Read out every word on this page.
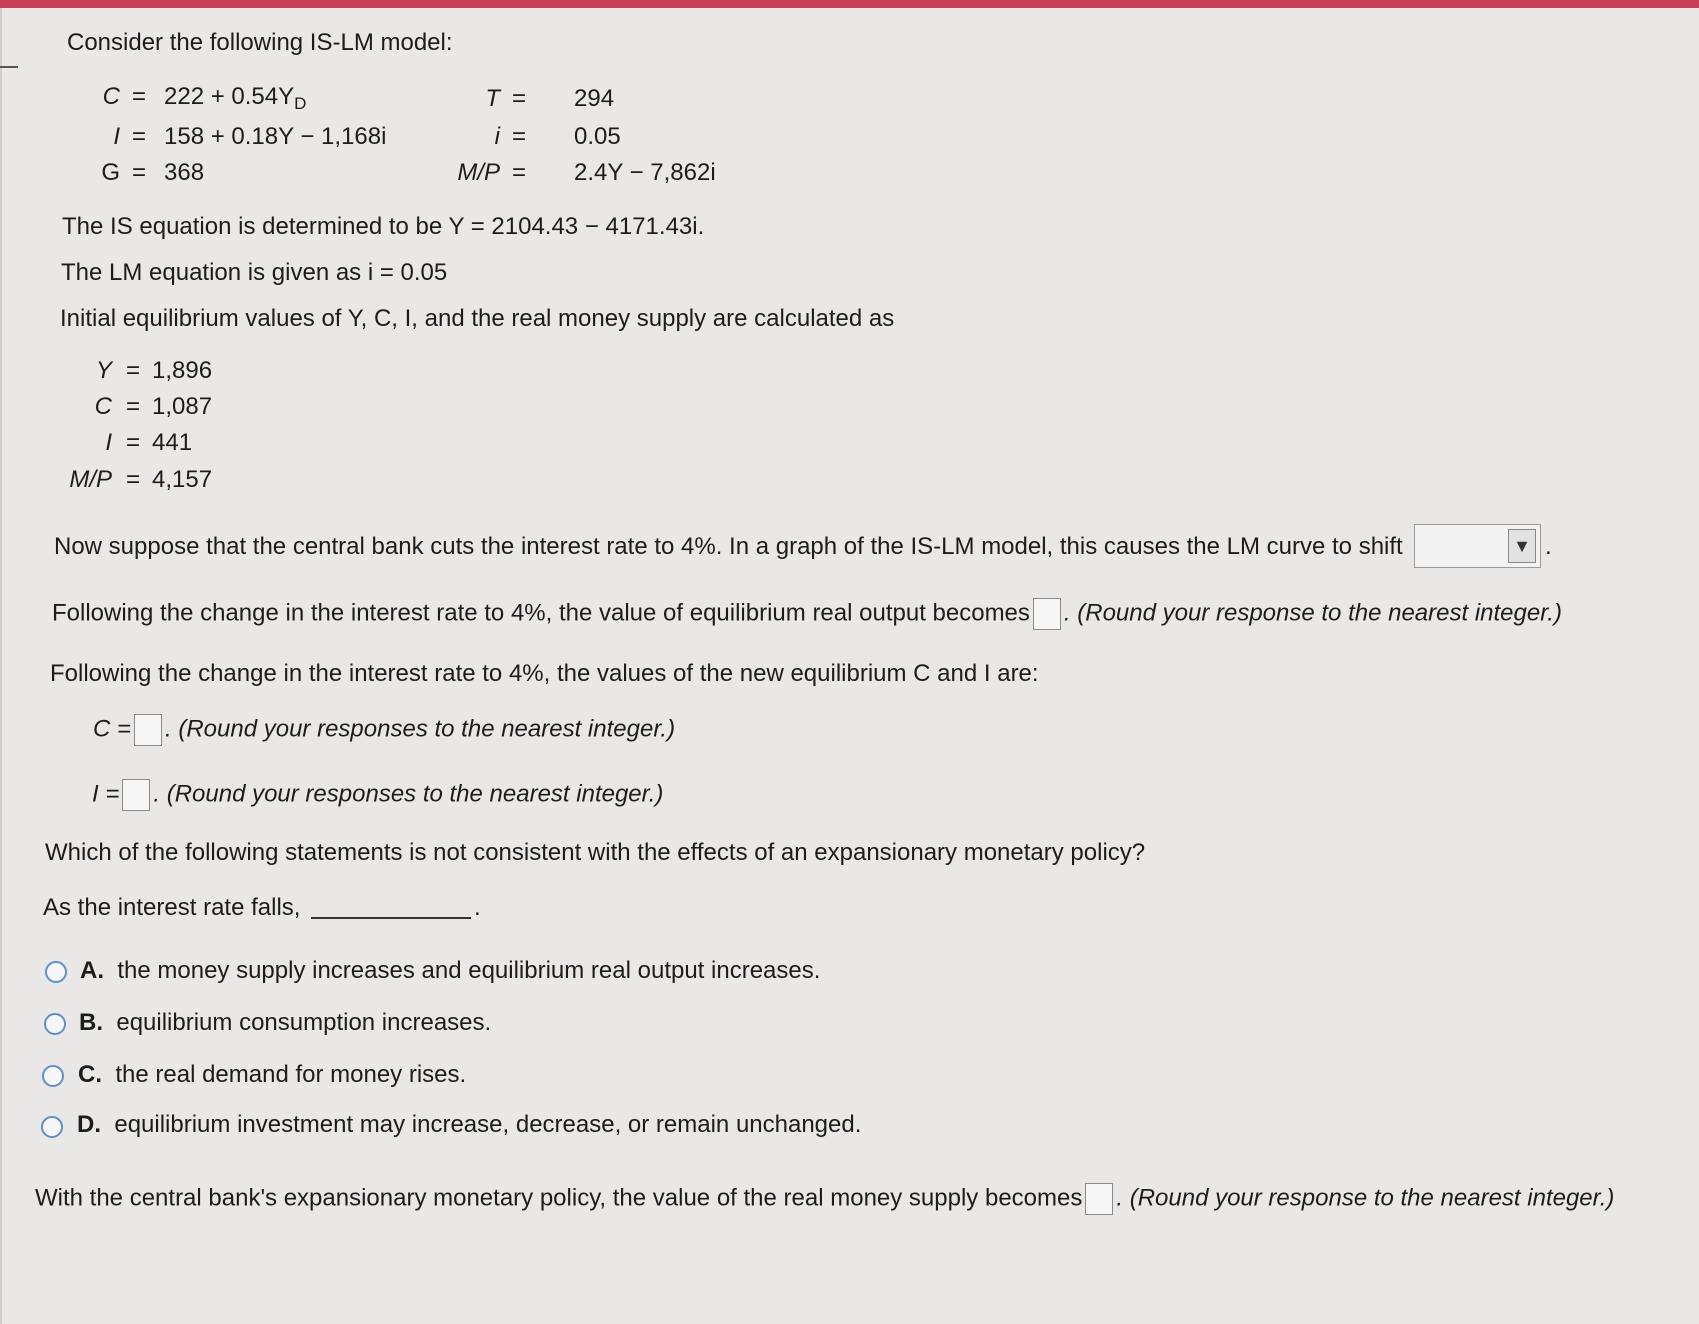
Consider the following IS-LM model:
$C = 222 + 0.54Y_D$
I = 158 + 0.18Y − 1,168i
G = 368
T = 294
i = 0.05
M/P = 2.4Y − 7,862i
The IS equation is determined to be Y = 2104.43 − 4171.43i.
The LM equation is given as i = 0.05
Initial equilibrium values of Y, C, I, and the real money supply are calculated as
Y = 1,896
C = 1,087
I = 441
M/P = 4,157
Now suppose that the central bank cuts the interest rate to 4%. In a graph of the IS-LM model, this causes the LM curve to shift	▼ .
Following the change in the interest rate to 4%, the value of equilibrium real output becomes . (Round your response to the nearest integer.)
Following the change in the interest rate to 4%, the values of the new equilibrium C and I are:
C = . (Round your responses to the nearest integer.)
I = . (Round your responses to the nearest integer.)
Which of the following statements is not consistent with the effects of an expansionary monetary policy?
As the interest rate falls,	.
A. the money supply increases and equilibrium real output increases.
B. equilibrium consumption increases.
C. the real demand for money rises.
D. equilibrium investment may increase, decrease, or remain unchanged.
With the central bank's expansionary monetary policy, the value of the real money supply becomes . (Round your response to the nearest integer.)
